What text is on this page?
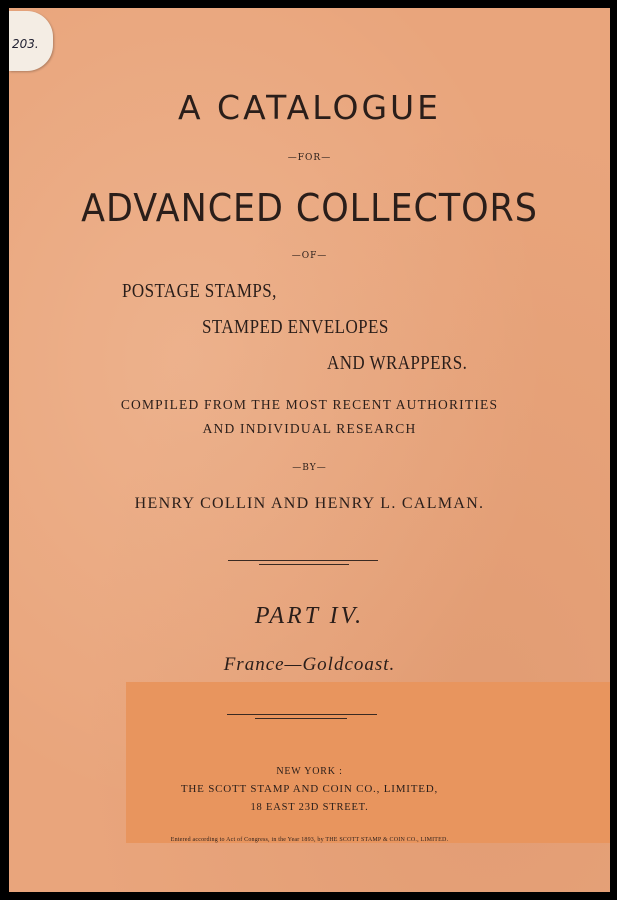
203.
A CATALOGUE
—FOR—
ADVANCED COLLECTORS
—OF—
POSTAGE STAMPS,
STAMPED ENVELOPES
AND WRAPPERS.
COMPILED FROM THE MOST RECENT AUTHORITIES
AND INDIVIDUAL RESEARCH
—BY—
HENRY COLLIN AND HENRY L. CALMAN.
PART IV.
France—Goldcoast.
NEW YORK :
THE SCOTT STAMP AND COIN CO., LIMITED,
18 EAST 23D STREET.
Entered according to Act of Congress, in the Year 1893, by THE SCOTT STAMP & COIN CO., LIMITED.
